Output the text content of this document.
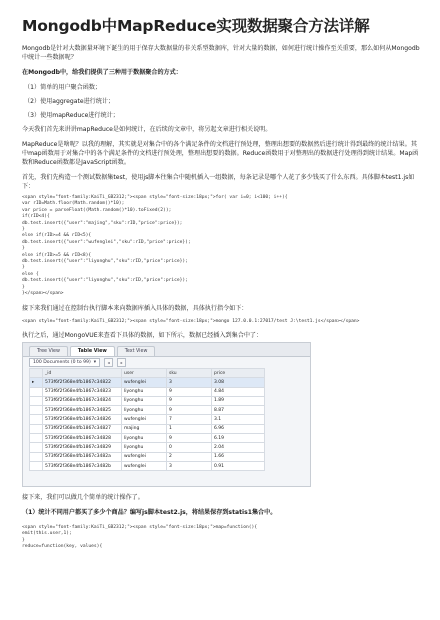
Mongodb中MapReduce实现数据聚合方法详解

Mongodb是针对大数据量环境下诞生的用于保存大数据量的非关系型数据库，针对大量的数据，如何进行统计操作至关重要，那么如何从Mongodb中统计一些数据呢？

在Mongodb中，给我们提供了三种用于数据聚合的方式：

（1）简单的用户聚合函数；
（2）使用aggregate进行统计；
（3）使用mapReduce进行统计；

今天我们首先来讲讲mapReduce是如何统计，在后续的文章中，将另起文章进行相关说明。

MapReduce是啥呢？以我的理解，其实就是对集合中的各个满足条件的文档进行预处理，整理出想要的数据然后进行统计得到最终的统计结果。其中map函数用于对集合中的各个满足条件的文档进行预处理，整理出想要的数据。Reduce函数用于对整理出的数据进行处理得到统计结果。Map函数和Reduce函数都是JavaScript函数。

首先，我们先构造一个测试数据集test，使用js脚本往集合中随机插入一组数据，每条记录是哪个人花了多少钱买了什么东西。具体脚本test1.js如下：

<span style="font-family:KaiTi_GB2312;"><span style="font-size:18px;">for( var i=0; i<100; i++){
var rID=Math.floor(Math.random()*10);
var price = parseFloat((Math.random()*10).toFixed(2));
if(rID<4){
db.test.insert({"user":"majing","sku":rID,"price":price});
}
else if(rID>=4 && rID<5){
db.test.insert({"user":"wufenglei","sku":rID,"price":price});
}
else if(rID>=5 && rID<8){
db.test.insert({"user":"liyonghu","sku":rID,"price":price});
}
else {
db.test.insert({"user":"liyonghu","sku":rID,"price":price});
}
}</span></span>

接下来我们通过在控制台执行脚本来向数据库插入具体的数据，具体执行指令如下：

<span style="font-family:KaiTi_GB2312;"><span style="font-size:18px;">mongo 127.0.0.1:27017/test J:\test1.js</span></span>

执行之后，通过MongoVUE来查看下具体的数据，如下所示，数据已经插入到集合中了：

Tree View	Table View	Text View
100 Documents (0 to 99) ▾	◂	▸
	_id	user	sku	price
▸	573f6f2f368e4fb1867c34822	wufenglei	3	3.08
	573f6f2f368e4fb1867c34823	liyonghu	9	4.84
	573f6f2f368e4fb1867c34824	liyonghu	9	1.89
	573f6f2f368e4fb1867c34825	liyonghu	9	8.87
	573f6f2f368e4fb1867c34826	wufenglei	7	3.1
	573f6f2f368e4fb1867c34827	majing	1	6.96
	573f6f2f368e4fb1867c34828	liyonghu	9	6.19
	573f6f2f368e4fb1867c34829	liyonghu	0	2.04
	573f6f2f368e4fb1867c3482a	wufenglei	2	1.66
	573f6f2f368e4fb1867c3482b	wufenglei	3	0.91

接下来，我们可以做几个简单的统计操作了。

（1）统计不同用户都买了多少个商品？编写js脚本test2.js，将结果保存到statis1集合中。

<span style="font-family:KaiTi_GB2312;"><span style="font-size:18px;">map=function(){
emit(this.user,1);
}
reduce=function(key, values){
